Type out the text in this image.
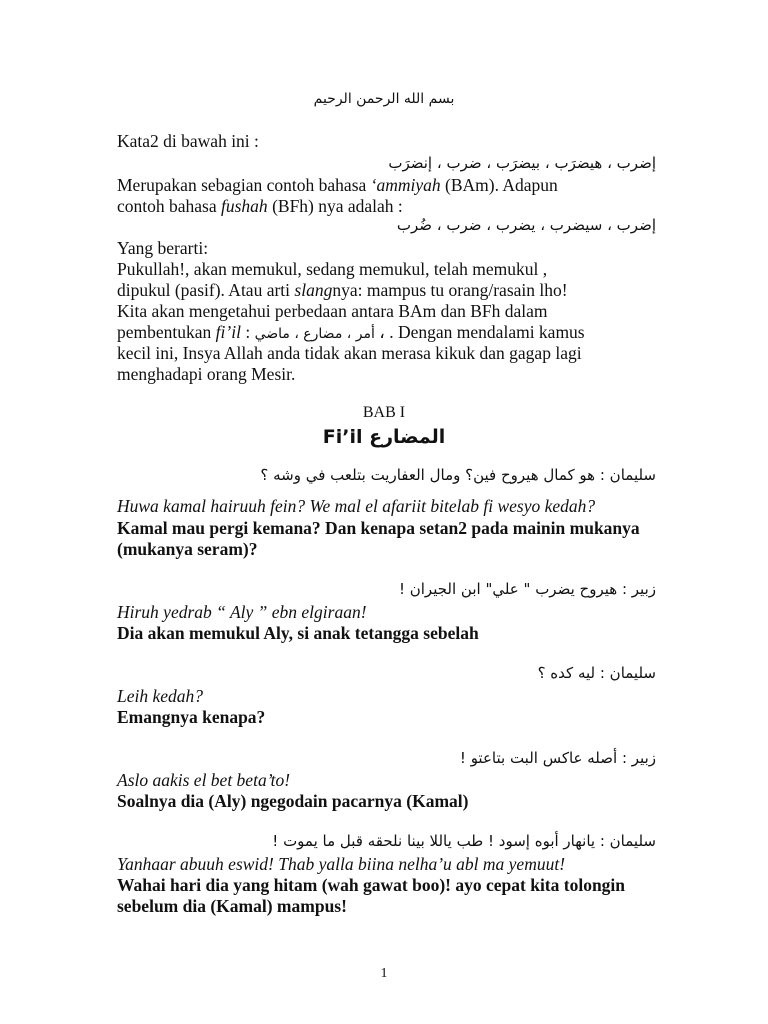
بسم الله الرحمن الرحيم
Kata2 di bawah ini :
إضرب ، هيضرَب ، بيضرَب ، ضرب ، إنضرَب
Merupakan sebagian contoh bahasa ‘ammiyah (BAm). Adapun
contoh bahasa fushah (BFh) nya adalah :
إضرب ، سيضرب ، يضرب ، ضرب ، ضُرب
Yang berarti:
Pukullah!, akan memukul, sedang memukul, telah memukul ,
dipukul (pasif). Atau arti slangnya: mampus tu orang/rasain lho!
Kita akan mengetahui perbedaan antara BAm dan BFh dalam
pembentukan fi’il : أمر ، مضارع ، ماضي ، . Dengan mendalami kamus
kecil ini, Insya Allah anda tidak akan merasa kikuk dan gagap lagi
menghadapi orang Mesir.
BAB I
Fi’il المضارع
سليمان : هو كمال هيروح فين؟ ومال العفاريت بتلعب في وشه ؟
Huwa kamal hairuuh fein? We mal el afariit bitelab fi wesyo kedah?
Kamal mau pergi kemana? Dan kenapa setan2 pada mainin mukanya
(mukanya seram)?
زبير : هيروح يضرب " علي" ابن الجيران !
Hiruh yedrab “ Aly ” ebn elgiraan!
Dia akan memukul Aly, si anak tetangga sebelah
سليمان : ليه كده ؟
Leih kedah?
Emangnya kenapa?
زبير : أصله عاكس البت بتاعتو !
Aslo aakis el bet beta’to!
Soalnya dia (Aly) ngegodain pacarnya (Kamal)
سليمان : يانهار أبوه إسود ! طب ياللا بينا نلحقه قبل ما يموت !
Yanhaar abuuh eswid! Thab yalla biina nelha’u abl ma yemuut!
Wahai hari dia yang hitam (wah gawat boo)! ayo cepat kita tolongin
sebelum dia (Kamal) mampus!
1
